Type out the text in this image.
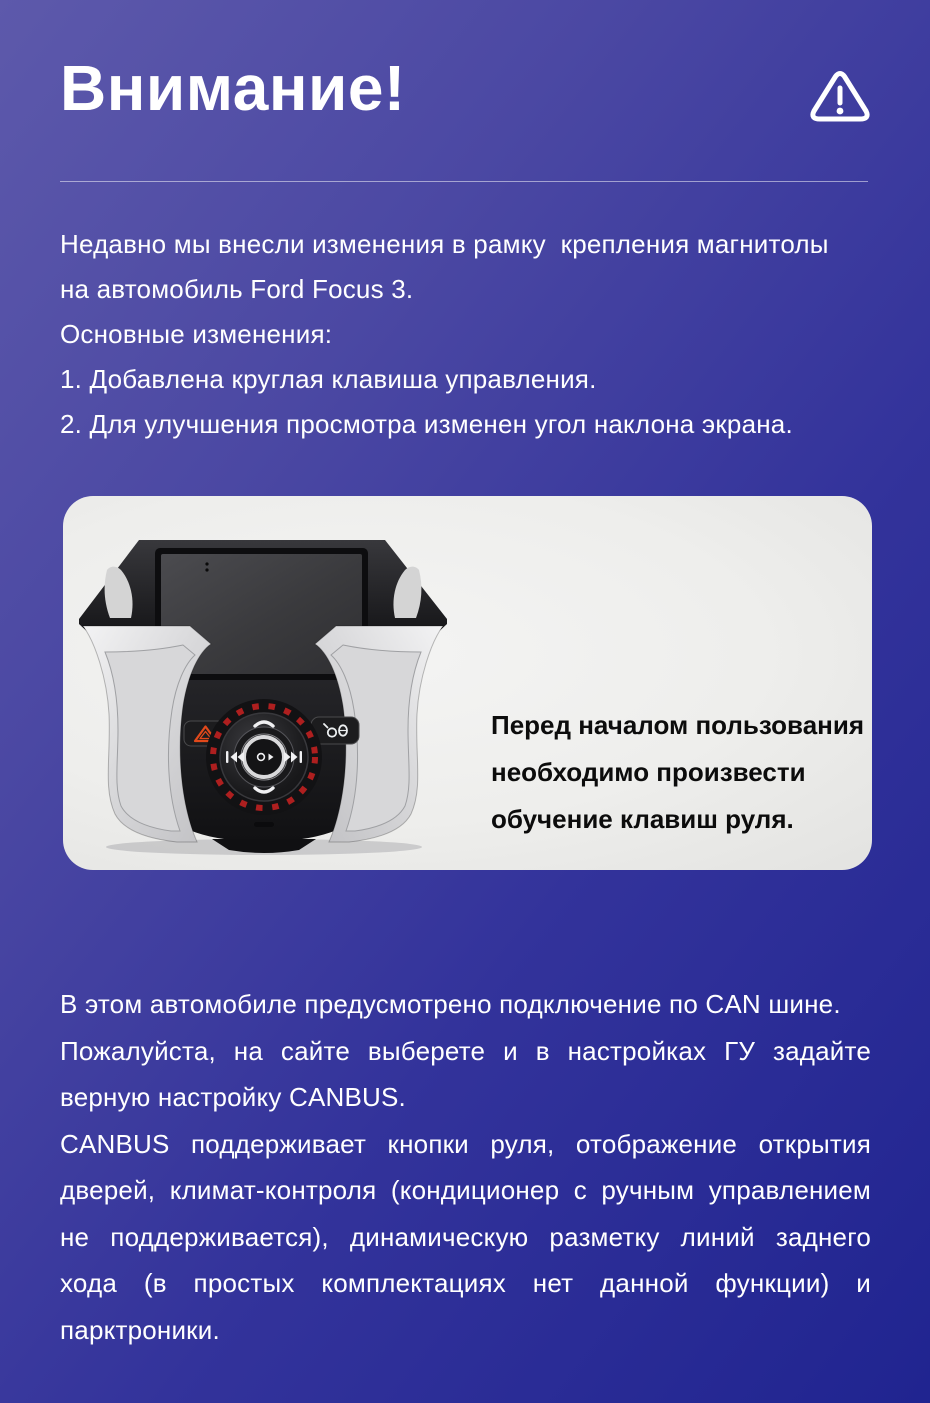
Внимание!
Недавно мы внесли изменения в рамку  крепления магнитолы
на автомобиль Ford Focus 3.
Основные изменения:
1. Добавлена круглая клавиша управления.
2. Для улучшения просмотра изменен угол наклона экрана.
Перед началом пользования
необходимо произвести
обучение клавиш руля.
В этом автомобиле предусмотрено подключение по CAN шине.
Пожалуйста, на сайте выберете и в настройках ГУ задайте
верную настройку CANBUS.
CANBUS поддерживает кнопки руля, отображение открытия
дверей, климат-контроля (кондиционер с ручным управлением
не поддерживается), динамическую разметку линий заднего
хода (в простых комплектациях нет данной функции) и
парктроники.
